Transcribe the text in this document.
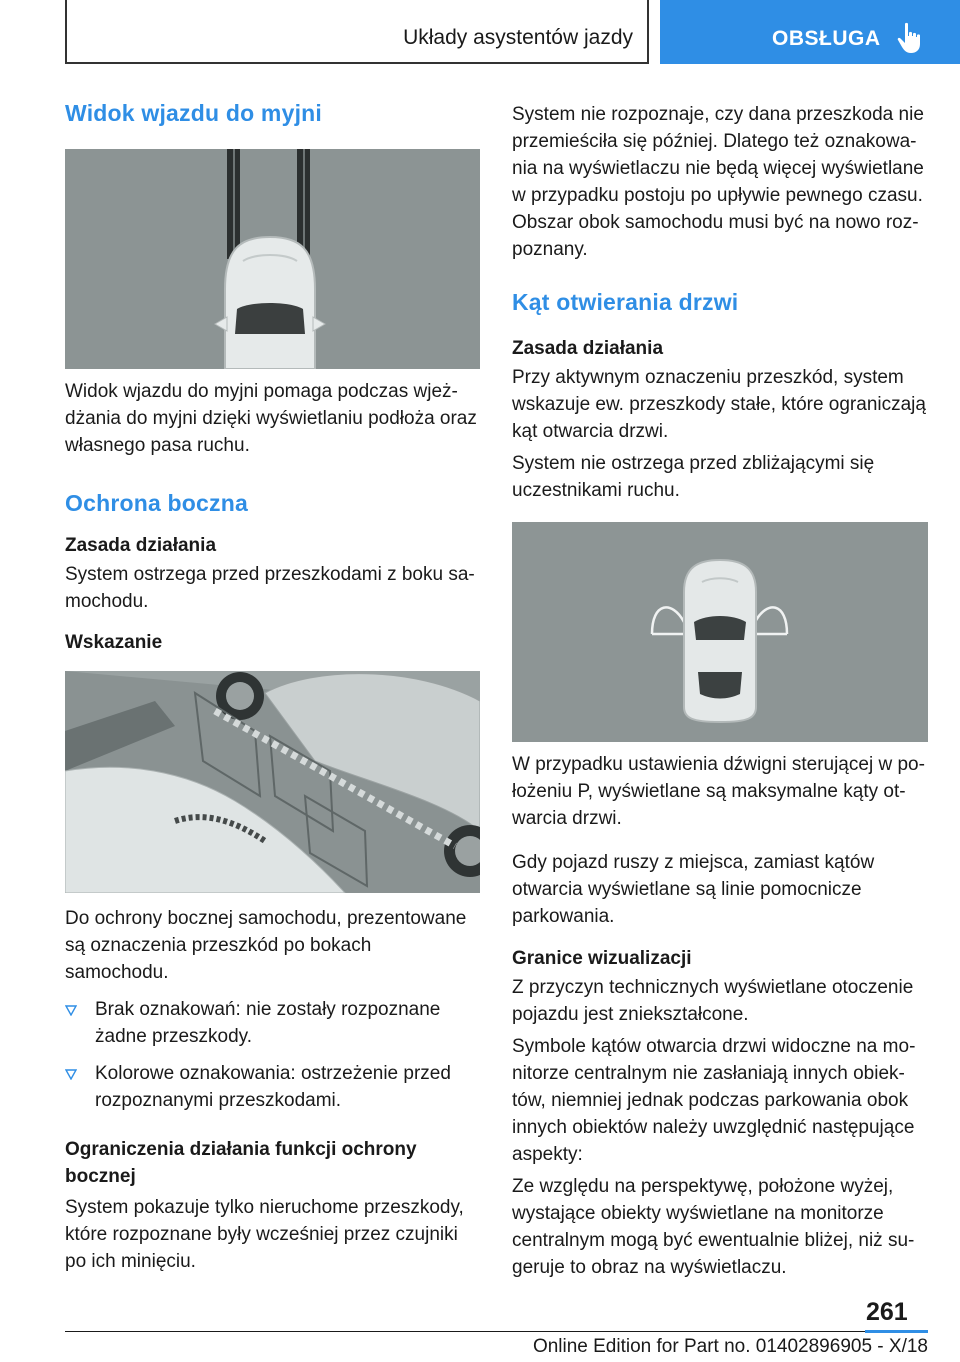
Układy asystentów jazdy	OBSŁUGA
Widok wjazdu do myjni

Widok wjazdu do myjni pomaga podczas wjeżdżania do myjni dzięki wyświetlaniu podłoża oraz własnego pasa ruchu.

Ochrona boczna
Zasada działania

System ostrzega przed przeszkodami z boku samochodu.

Wskazanie

Do ochrony bocznej samochodu, prezentowane są oznaczenia przeszkód po bokach samochodu.

Brak oznakowań: nie zostały rozpoznane żadne przeszkody.
Kolorowe oznakowania: ostrzeżenie przed rozpoznanymi przeszkodami.
Ograniczenia działania funkcji ochrony bocznej

System pokazuje tylko nieruchome przeszkody, które rozpoznane były wcześniej przez czujniki po ich minięciu.

System nie rozpoznaje, czy dana przeszkoda nie przemieściła się później. Dlatego też oznakowania na wyświetlaczu nie będą więcej wyświetlane w przypadku postoju po upływie pewnego czasu. Obszar obok samochodu musi być na nowo rozpoznany.

Kąt otwierania drzwi
Zasada działania

Przy aktywnym oznaczeniu przeszkód, system wskazuje ew. przeszkody stałe, które ograniczają kąt otwarcia drzwi.

System nie ostrzega przed zbliżającymi się uczestnikami ruchu.

W przypadku ustawienia dźwigni sterującej w położeniu P, wyświetlane są maksymalne kąty otwarcia drzwi.

Gdy pojazd ruszy z miejsca, zamiast kątów otwarcia wyświetlane są linie pomocnicze parkowania.

Granice wizualizacji

Z przyczyn technicznych wyświetlane otoczenie pojazdu jest zniekształcone.

Symbole kątów otwarcia drzwi widoczne na monitorze centralnym nie zasłaniają innych obiektów, niemniej jednak podczas parkowania obok innych obiektów należy uwzględnić następujące aspekty:

Ze względu na perspektywę, położone wyżej, wystające obiekty wyświetlane na monitorze centralnym mogą być ewentualnie bliżej, niż sugeruje to obraz na wyświetlaczu.

261
Online Edition for Part no. 01402896905 - X/18
